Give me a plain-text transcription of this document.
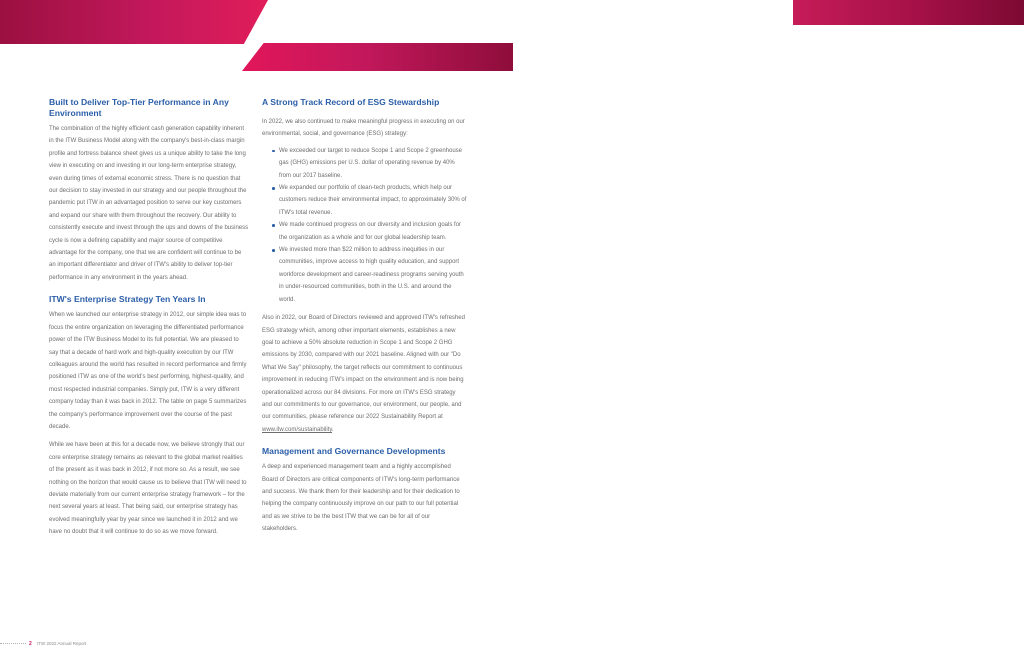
Built to Deliver Top-Tier Performance in Any Environment

The combination of the highly efficient cash generation capability inherent in the ITW Business Model along with the company's best-in-class margin profile and fortress balance sheet gives us a unique ability to take the long view in executing on and investing in our long-term enterprise strategy, even during times of external economic stress. There is no question that our decision to stay invested in our strategy and our people throughout the pandemic put ITW in an advantaged position to serve our key customers and expand our share with them throughout the recovery. Our ability to consistently execute and invest through the ups and downs of the business cycle is now a defining capability and major source of competitive advantage for the company, one that we are confident will continue to be an important differentiator and driver of ITW's ability to deliver top-tier performance in any environment in the years ahead.

ITW's Enterprise Strategy Ten Years In

When we launched our enterprise strategy in 2012, our simple idea was to focus the entire organization on leveraging the differentiated performance power of the ITW Business Model to its full potential. We are pleased to say that a decade of hard work and high-quality execution by our ITW colleagues around the world has resulted in record performance and firmly positioned ITW as one of the world's best performing, highest-quality, and most respected industrial companies. Simply put, ITW is a very different company today than it was back in 2012. The table on page 5 summarizes the company's performance improvement over the course of the past decade.

While we have been at this for a decade now, we believe strongly that our core enterprise strategy remains as relevant to the global market realities of the present as it was back in 2012, if not more so. As a result, we see nothing on the horizon that would cause us to believe that ITW will need to deviate materially from our current enterprise strategy framework – for the next several years at least. That being said, our enterprise strategy has evolved meaningfully year by year since we launched it in 2012 and we have no doubt that it will continue to do so as we move forward.

A Strong Track Record of ESG Stewardship

In 2022, we also continued to make meaningful progress in executing on our environmental, social, and governance (ESG) strategy:

We exceeded our target to reduce Scope 1 and Scope 2 greenhouse gas (GHG) emissions per U.S. dollar of operating revenue by 40% from our 2017 baseline.
We expanded our portfolio of clean-tech products, which help our customers reduce their environmental impact, to approximately 30% of ITW's total revenue.
We made continued progress on our diversity and inclusion goals for the organization as a whole and for our global leadership team.
We invested more than $22 million to address inequities in our communities, improve access to high quality education, and support workforce development and career-readiness programs serving youth in under-resourced communities, both in the U.S. and around the world.

Also in 2022, our Board of Directors reviewed and approved ITW's refreshed ESG strategy which, among other important elements, establishes a new goal to achieve a 50% absolute reduction in Scope 1 and Scope 2 GHG emissions by 2030, compared with our 2021 baseline. Aligned with our "Do What We Say" philosophy, the target reflects our commitment to continuous improvement in reducing ITW's impact on the environment and is now being operationalized across our 84 divisions. For more on ITW's ESG strategy and our commitments to our governance, our environment, our people, and our communities, please reference our 2022 Sustainability Report at www.itw.com/sustainability.

Management and Governance Developments

A deep and experienced management team and a highly accomplished Board of Directors are critical components of ITW's long-term performance and success. We thank them for their leadership and for their dedication to helping the company continuously improve on our path to our full potential and as we strive to be the best ITW that we can be for all of our stakeholders.

2 ITW 2022 Annual Report
